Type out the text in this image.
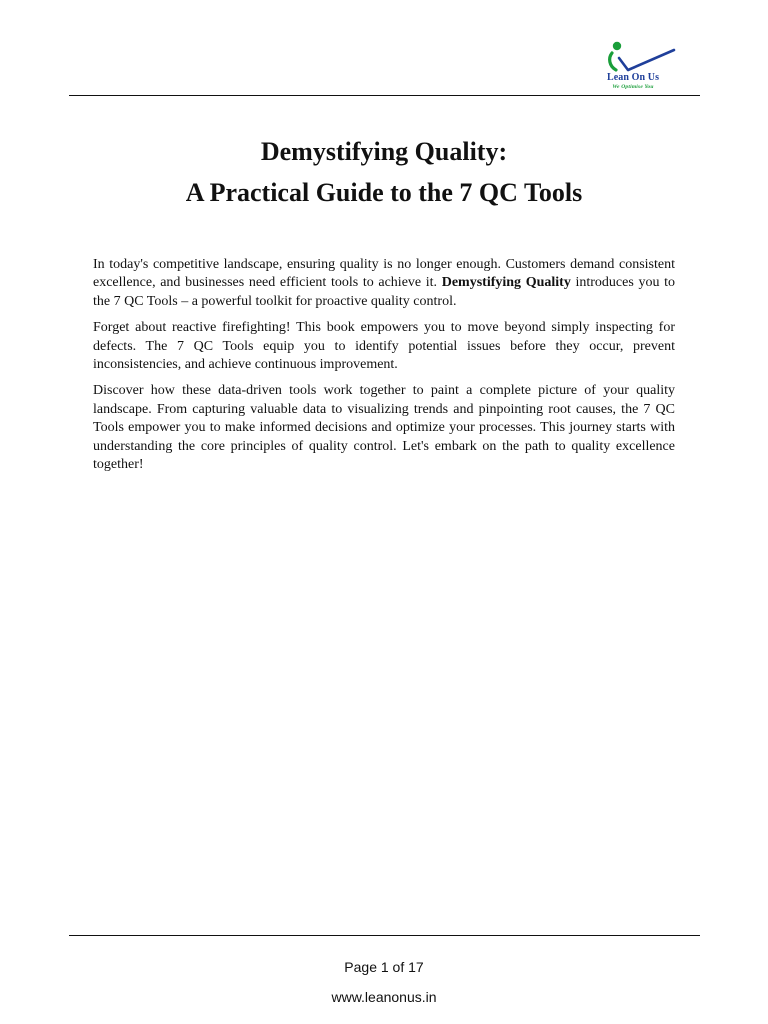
Lean On Us
We Optimise You
Demystifying Quality:
A Practical Guide to the 7 QC Tools

In today's competitive landscape, ensuring quality is no longer enough. Customers demand consistent excellence, and businesses need efficient tools to achieve it. Demystifying Quality introduces you to the 7 QC Tools – a powerful toolkit for proactive quality control.

Forget about reactive firefighting! This book empowers you to move beyond simply inspecting for defects. The 7 QC Tools equip you to identify potential issues before they occur, prevent inconsistencies, and achieve continuous improvement.

Discover how these data-driven tools work together to paint a complete picture of your quality landscape. From capturing valuable data to visualizing trends and pinpointing root causes, the 7 QC Tools empower you to make informed decisions and optimize your processes. This journey starts with understanding the core principles of quality control. Let's embark on the path to quality excellence together!

Page 1 of 17
www.leanonus.in
